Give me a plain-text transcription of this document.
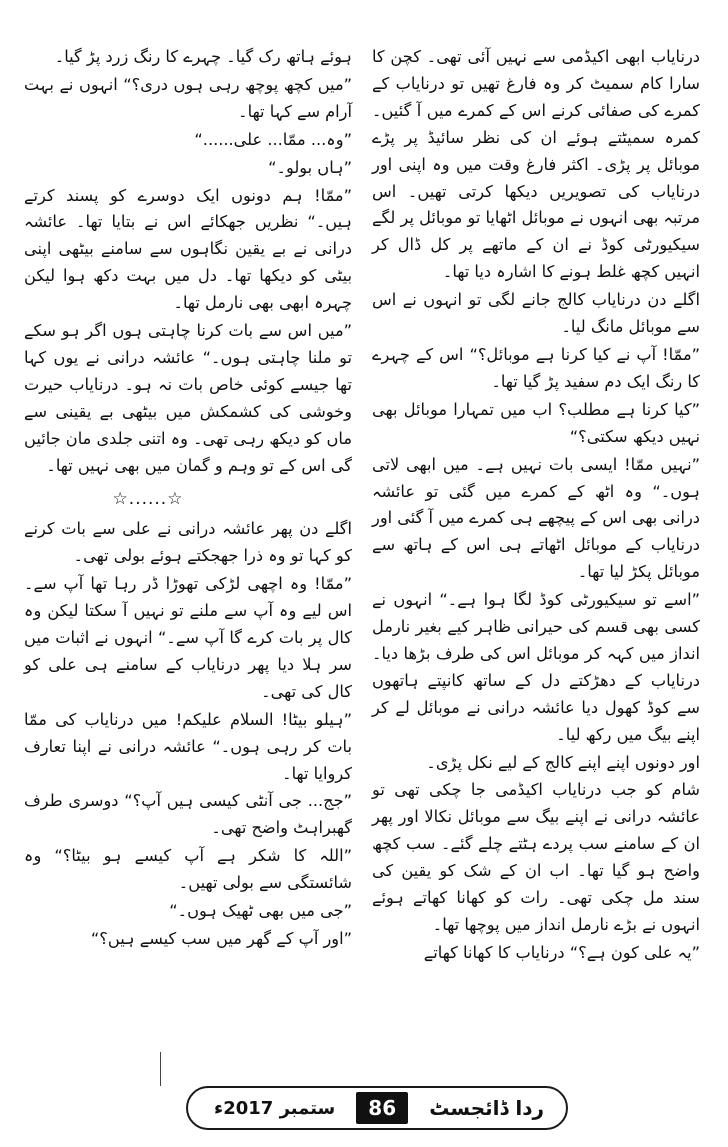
درنایاب ابھی اکیڈمی سے نہیں آئی تھی۔ کچن کا سارا کام سمیٹ کر وہ فارغ تھیں تو درنایاب کے کمرے کی صفائی کرنے اس کے کمرے میں آ گئیں۔ کمرہ سمیٹتے ہوئے ان کی نظر سائیڈ پر پڑے موبائل پر پڑی۔ اکثر فارغ وقت میں وہ اپنی اور درنایاب کی تصویریں دیکھا کرتی تھیں۔ اس مرتبہ بھی انہوں نے موبائل اٹھایا تو موبائل پر لگے سیکیورٹی کوڈ نے ان کے ماتھے پر کل ڈال کر انہیں کچھ غلط ہونے کا اشارہ دیا تھا۔

اگلے دن درنایاب کالج جانے لگی تو انہوں نے اس سے موبائل مانگ لیا۔

”ممّا! آپ نے کیا کرنا ہے موبائل؟“ اس کے چہرے کا رنگ ایک دم سفید پڑ گیا تھا۔

”کیا کرنا ہے مطلب؟ اب میں تمہارا موبائل بھی نہیں دیکھ سکتی؟“

”نہیں ممّا! ایسی بات نہیں ہے۔ میں ابھی لاتی ہوں۔“ وہ اٹھ کے کمرے میں گئی تو عائشہ درانی بھی اس کے پیچھے ہی کمرے میں آ گئی اور درنایاب کے موبائل اٹھاتے ہی اس کے ہاتھ سے موبائل پکڑ لیا تھا۔

”اسے تو سیکیورٹی کوڈ لگا ہوا ہے۔“ انہوں نے کسی بھی قسم کی حیرانی ظاہر کیے بغیر نارمل انداز میں کہہ کر موبائل اس کی طرف بڑھا دیا۔ درنایاب کے دھڑکتے دل کے ساتھ کانپتے ہاتھوں سے کوڈ کھول دیا عائشہ درانی نے موبائل لے کر اپنے بیگ میں رکھ لیا۔

اور دونوں اپنے اپنے کالج کے لیے نکل پڑی۔

شام کو جب درنایاب اکیڈمی جا چکی تھی تو عائشہ درانی نے اپنے بیگ سے موبائل نکالا اور پھر ان کے سامنے سب پردے ہٹتے چلے گئے۔ سب کچھ واضح ہو گیا تھا۔ اب ان کے شک کو یقین کی سند مل چکی تھی۔ رات کو کھانا کھاتے ہوئے انہوں نے بڑے نارمل انداز میں پوچھا تھا۔

”یہ علی کون ہے؟“ درنایاب کا کھانا کھاتے

ہوئے ہاتھ رک گیا۔ چہرے کا رنگ زرد پڑ گیا۔

”میں کچھ پوچھ رہی ہوں دری؟“ انہوں نے بہت آرام سے کہا تھا۔

”وہ... ممّا... علی......“

”ہاں بولو۔“

”ممّا! ہم دونوں ایک دوسرے کو پسند کرتے ہیں۔“ نظریں جھکائے اس نے بتایا تھا۔ عائشہ درانی نے بے یقین نگاہوں سے سامنے بیٹھی اپنی بیٹی کو دیکھا تھا۔ دل میں بہت دکھ ہوا لیکن چہرہ ابھی بھی نارمل تھا۔

”میں اس سے بات کرنا چاہتی ہوں اگر ہو سکے تو ملنا چاہتی ہوں۔“ عائشہ درانی نے یوں کہا تھا جیسے کوئی خاص بات نہ ہو۔ درنایاب حیرت وخوشی کی کشمکش میں بیٹھی بے یقینی سے ماں کو دیکھ رہی تھی۔ وہ اتنی جلدی مان جائیں گی اس کے تو وہم و گمان میں بھی نہیں تھا۔

☆......☆

اگلے دن پھر عائشہ درانی نے علی سے بات کرنے کو کہا تو وہ ذرا جھجکتے ہوئے بولی تھی۔

”ممّا! وہ اچھی لڑکی تھوڑا ڈر رہا تھا آپ سے۔ اس لیے وہ آپ سے ملنے تو نہیں آ سکتا لیکن وہ کال پر بات کرے گا آپ سے۔“ انہوں نے اثبات میں سر ہلا دیا پھر درنایاب کے سامنے ہی علی کو کال کی تھی۔

”ہیلو بیٹا! السلام علیکم! میں درنایاب کی ممّا بات کر رہی ہوں۔“ عائشہ درانی نے اپنا تعارف کروایا تھا۔

”جج... جی آنٹی کیسی ہیں آپ؟“ دوسری طرف گھبراہٹ واضح تھی۔

”اللہ کا شکر ہے آپ کیسے ہو بیٹا؟“ وہ شائستگی سے بولی تھیں۔

”جی میں بھی ٹھیک ہوں۔“

”اور آپ کے گھر میں سب کیسے ہیں؟“

ستمبر 2017ء	86	ردا ڈائجسٹ
